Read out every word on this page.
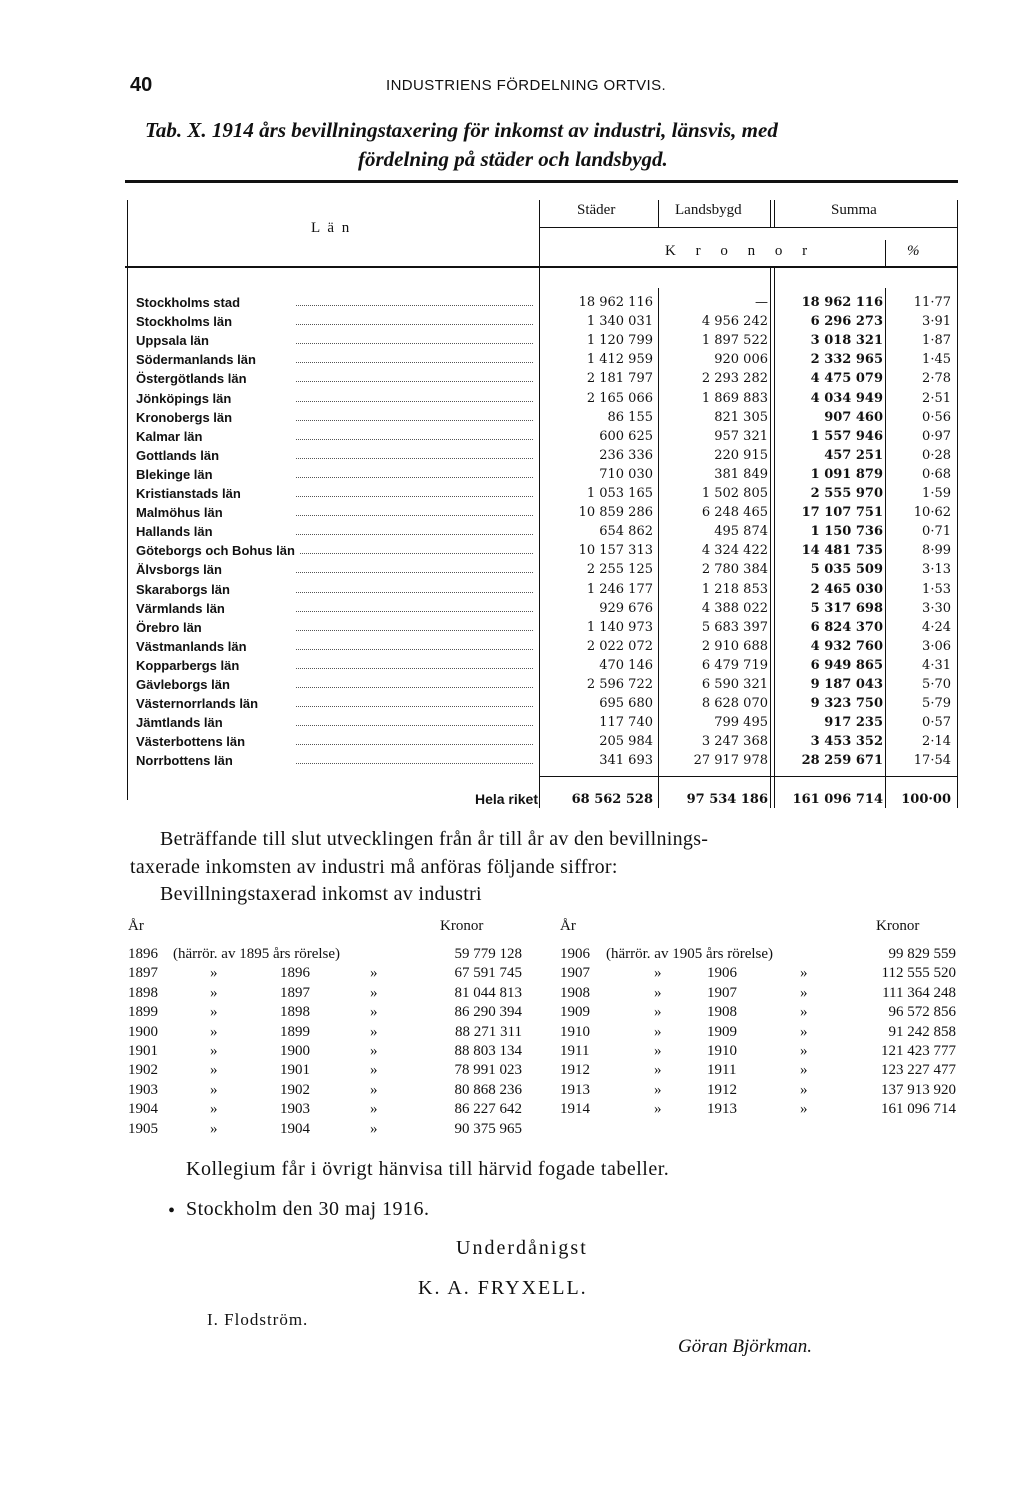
40	INDUSTRIENS FÖRDELNING ORTVIS.
Tab. X. 1914 års bevillningstaxering för inkomst av industri, länsvis, med
fördelning på städer och landsbygd.
L ä n
Städer	Landsbygd	Summa
K r o n o r	%
Stockholms stad	18 962 116	—	18 962 116	11·77
Stockholms län	1 340 031	4 956 242	6 296 273	3·91
Uppsala län	1 120 799	1 897 522	3 018 321	1·87
Södermanlands län	1 412 959	920 006	2 332 965	1·45
Östergötlands län	2 181 797	2 293 282	4 475 079	2·78
Jönköpings län	2 165 066	1 869 883	4 034 949	2·51
Kronobergs län	86 155	821 305	907 460	0·56
Kalmar län	600 625	957 321	1 557 946	0·97
Gottlands län	236 336	220 915	457 251	0·28
Blekinge län	710 030	381 849	1 091 879	0·68
Kristianstads län	1 053 165	1 502 805	2 555 970	1·59
Malmöhus län	10 859 286	6 248 465	17 107 751	10·62
Hallands län	654 862	495 874	1 150 736	0·71
Göteborgs och Bohus län	10 157 313	4 324 422	14 481 735	8·99
Älvsborgs län	2 255 125	2 780 384	5 035 509	3·13
Skaraborgs län	1 246 177	1 218 853	2 465 030	1·53
Värmlands län	929 676	4 388 022	5 317 698	3·30
Örebro län	1 140 973	5 683 397	6 824 370	4·24
Västmanlands län	2 022 072	2 910 688	4 932 760	3·06
Kopparbergs län	470 146	6 479 719	6 949 865	4·31
Gävleborgs län	2 596 722	6 590 321	9 187 043	5·70
Västernorrlands län	695 680	8 628 070	9 323 750	5·79
Jämtlands län	117 740	799 495	917 235	0·57
Västerbottens län	205 984	3 247 368	3 453 352	2·14
Norrbottens län	341 693	27 917 978	28 259 671	17·54
Hela riket	68 562 528	97 534 186	161 096 714	100·00
Beträffande till slut utvecklingen från år till år av den bevillnings-
taxerade inkomsten av industri må anföras följande siffror:
Bevillningstaxerad inkomst av industri
År	Kronor	År	Kronor
1896 (härrör. av 1895 års rörelse)	59 779 128
1897	»	1896	»	67 591 745
1898	»	1897	»	81 044 813
1899	»	1898	»	86 290 394
1900	»	1899	»	88 271 311
1901	»	1900	»	88 803 134
1902	»	1901	»	78 991 023
1903	»	1902	»	80 868 236
1904	»	1903	»	86 227 642
1905	»	1904	»	90 375 965
1906 (härrör. av 1905 års rörelse)	99 829 559
1907	»	1906	»	112 555 520
1908	»	1907	»	111 364 248
1909	»	1908	»	96 572 856
1910	»	1909	»	91 242 858
1911	»	1910	»	121 423 777
1912	»	1911	»	123 227 477
1913	»	1912	»	137 913 920
1914	»	1913	»	161 096 714
Kollegium får i övrigt hänvisa till härvid fogade tabeller.
• Stockholm den 30 maj 1916.
Underdånigst
K. A. FRYXELL.
I. Flodström.
Göran Björkman.
